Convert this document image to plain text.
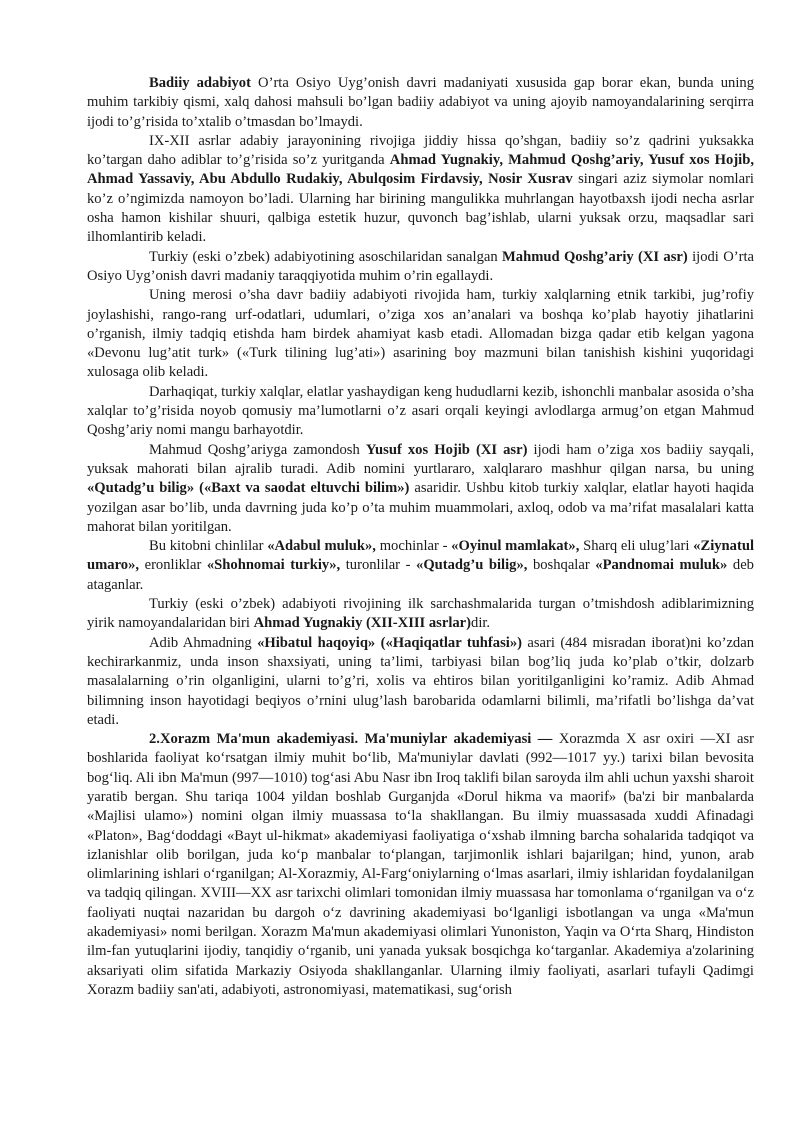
Badiiy adabiyot O’rta Osiyo Uyg’onish davri madaniyati xususida gap borar ekan, bunda uning muhim tarkibiy qismi, xalq dahosi mahsuli bo’lgan badiiy adabiyot va uning ajoyib namoyandalarining serqirra ijodi to’g’risida to’xtalib o’tmasdan bo’lmaydi.

IX-XII asrlar adabiy jarayonining rivojiga jiddiy hissa qo’shgan, badiiy so’z qadrini yuksakka ko’targan daho adiblar to’g’risida so’z yuritganda Ahmad Yugnakiy, Mahmud Qoshg’ariy, Yusuf xos Hojib, Ahmad Yassaviy, Abu Abdullo Rudakiy, Abulqosim Firdavsiy, Nosir Xusrav singari aziz siymolar nomlari ko’z o’ngimizda namoyon bo’ladi. Ularning har birining mangulikka muhrlangan hayotbaxsh ijodi necha asrlar osha hamon kishilar shuuri, qalbiga estetik huzur, quvonch bag’ishlab, ularni yuksak orzu, maqsadlar sari ilhomlantirib keladi.

Turkiy (eski o’zbek) adabiyotining asoschilaridan sanalgan Mahmud Qoshg’ariy (XI asr) ijodi O’rta Osiyo Uyg’onish davri madaniy taraqqiyotida muhim o’rin egallaydi.

Uning merosi o’sha davr badiiy adabiyoti rivojida ham, turkiy xalqlarning etnik tarkibi, jug’rofiy joylashishi, rango-rang urf-odatlari, udumlari, o’ziga xos an’analari va boshqa ko’plab hayotiy jihatlarini o’rganish, ilmiy tadqiq etishda ham birdek ahamiyat kasb etadi. Allomadan bizga qadar etib kelgan yagona «Devonu lug’atit turk» («Turk tilining lug’ati») asarining boy mazmuni bilan tanishish kishini yuqoridagi xulosaga olib keladi.

Darhaqiqat, turkiy xalqlar, elatlar yashaydigan keng hududlarni kezib, ishonchli manbalar asosida o’sha xalqlar to’g’risida noyob qomusiy ma’lumotlarni o’z asari orqali keyingi avlodlarga armug’on etgan Mahmud Qoshg’ariy nomi mangu barhayotdir.

Mahmud Qoshg’ariyga zamondosh Yusuf xos Hojib (XI asr) ijodi ham o’ziga xos badiiy sayqali, yuksak mahorati bilan ajralib turadi. Adib nomini yurtlararo, xalqlararo mashhur qilgan narsa, bu uning «Qutadg’u bilig» («Baxt va saodat eltuvchi bilim») asaridir. Ushbu kitob turkiy xalqlar, elatlar hayoti haqida yozilgan asar bo’lib, unda davrning juda ko’p o’ta muhim muammolari, axloq, odob va ma’rifat masalalari katta mahorat bilan yoritilgan.

Bu kitobni chinlilar «Adabul muluk», mochinlar - «Oyinul mamlakat», Sharq eli ulug’lari «Ziynatul umaro», eronliklar «Shohnomai turkiy», turonlilar - «Qutadg’u bilig», boshqalar «Pandnomai muluk» deb ataganlar.

Turkiy (eski o’zbek) adabiyoti rivojining ilk sarchashmalarida turgan o’tmishdosh adiblarimizning yirik namoyandalaridan biri Ahmad Yugnakiy (XII-XIII asrlar)dir.

Adib Ahmadning «Hibatul haqoyiq» («Haqiqatlar tuhfasi») asari (484 misradan iborat)ni ko’zdan kechirarkanmiz, unda inson shaxsiyati, uning ta’limi, tarbiyasi bilan bog’liq juda ko’plab o’tkir, dolzarb masalalarning o’rin olganligini, ularni to’g’ri, xolis va ehtiros bilan yoritilganligini ko’ramiz. Adib Ahmad bilimning inson hayotidagi beqiyos o’rnini ulug’lash barobarida odamlarni bilimli, ma’rifatli bo’lishga da’vat etadi.

2.Xorazm Ma'mun akademiyasi. Ma'muniylar akademiyasi — Xorazmda X asr oxiri —XI asr boshlarida faoliyat ko‘rsatgan ilmiy muhit bo‘lib, Ma'muniylar davlati (992—1017 yy.) tarixi bilan bevosita bog‘liq. Ali ibn Ma'mun (997—1010) tog‘asi Abu Nasr ibn Iroq taklifi bilan saroyda ilm ahli uchun yaxshi sharoit yaratib bergan. Shu tariqa 1004 yildan boshlab Gurganjda «Dorul hikma va maorif» (ba'zi bir manbalarda «Majlisi ulamo») nomini olgan ilmiy muassasa to‘la shakllangan. Bu ilmiy muassasada xuddi Afinadagi «Platon», Bag‘doddagi «Bayt ul-hikmat» akademiyasi faoliyatiga o‘xshab ilmning barcha sohalarida tadqiqot va izlanishlar olib borilgan, juda ko‘p manbalar to‘plangan, tarjimonlik ishlari bajarilgan; hind, yunon, arab olimlarining ishlari o‘rganilgan; Al-Xorazmiy, Al-Farg‘oniylarning o‘lmas asarlari, ilmiy ishlaridan foydalanilgan va tadqiq qilingan. XVIII—XX asr tarixchi olimlari tomonidan ilmiy muassasa har tomonlama o‘rganilgan va o‘z faoliyati nuqtai nazaridan bu dargoh o‘z davrining akademiyasi bo‘lganligi isbotlangan va unga «Ma'mun akademiyasi» nomi berilgan. Xorazm Ma'mun akademiyasi olimlari Yunoniston, Yaqin va O‘rta Sharq, Hindiston ilm-fan yutuqlarini ijodiy, tanqidiy o‘rganib, uni yanada yuksak bosqichga ko‘targanlar. Akademiya a'zolarining aksariyati olim sifatida Markaziy Osiyoda shakllanganlar. Ularning ilmiy faoliyati, asarlari tufayli Qadimgi Xorazm badiiy san'ati, adabiyoti, astronomiyasi, matematikasi, sug‘orish
